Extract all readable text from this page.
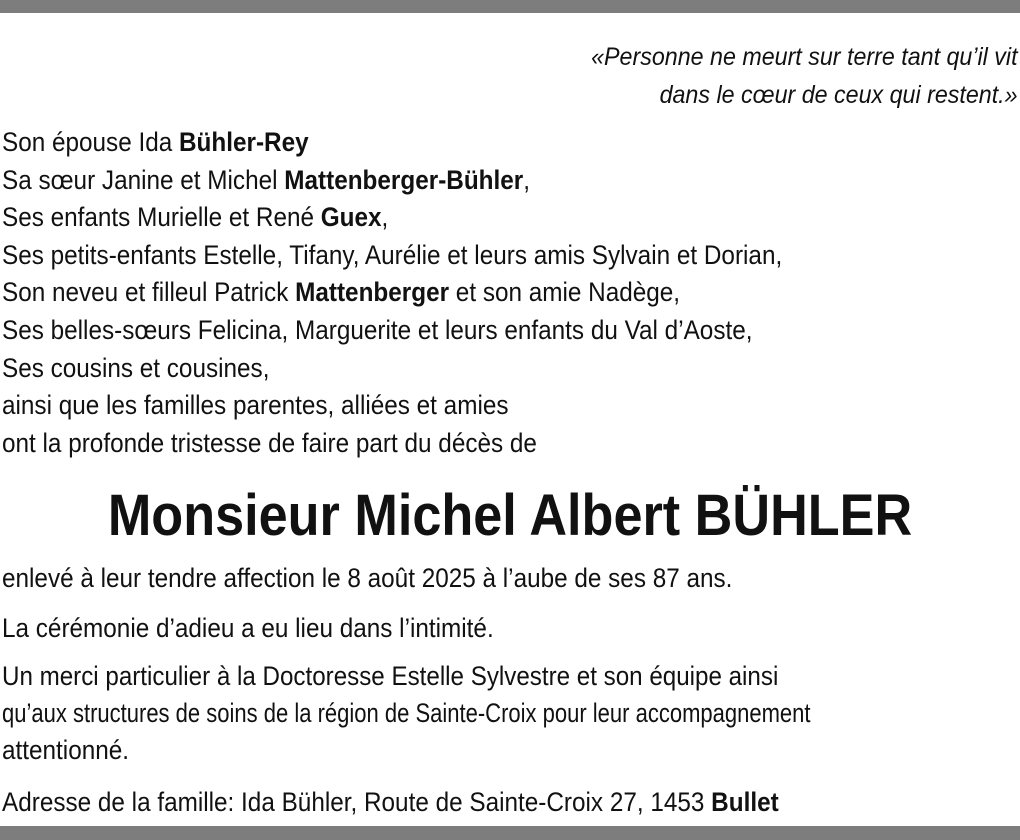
«Personne ne meurt sur terre tant qu’il vit
dans le cœur de ceux qui restent.»
Son épouse Ida Bühler-Rey
Sa sœur Janine et Michel Mattenberger-Bühler,
Ses enfants Murielle et René Guex,
Ses petits-enfants Estelle, Tifany, Aurélie et leurs amis Sylvain et Dorian,
Son neveu et filleul Patrick Mattenberger et son amie Nadège,
Ses belles-sœurs Felicina, Marguerite et leurs enfants du Val d’Aoste,
Ses cousins et cousines,
ainsi que les familles parentes, alliées et amies
ont la profonde tristesse de faire part du décès de
Monsieur Michel Albert BÜHLER
enlevé à leur tendre affection le 8 août 2025 à l’aube de ses 87 ans.
La cérémonie d’adieu a eu lieu dans l’intimité.
Un merci particulier à la Doctoresse Estelle Sylvestre et son équipe ainsi
qu’aux structures de soins de la région de Sainte-Croix pour leur accompagnement
attentionné.
Adresse de la famille: Ida Bühler, Route de Sainte-Croix 27, 1453 Bullet
